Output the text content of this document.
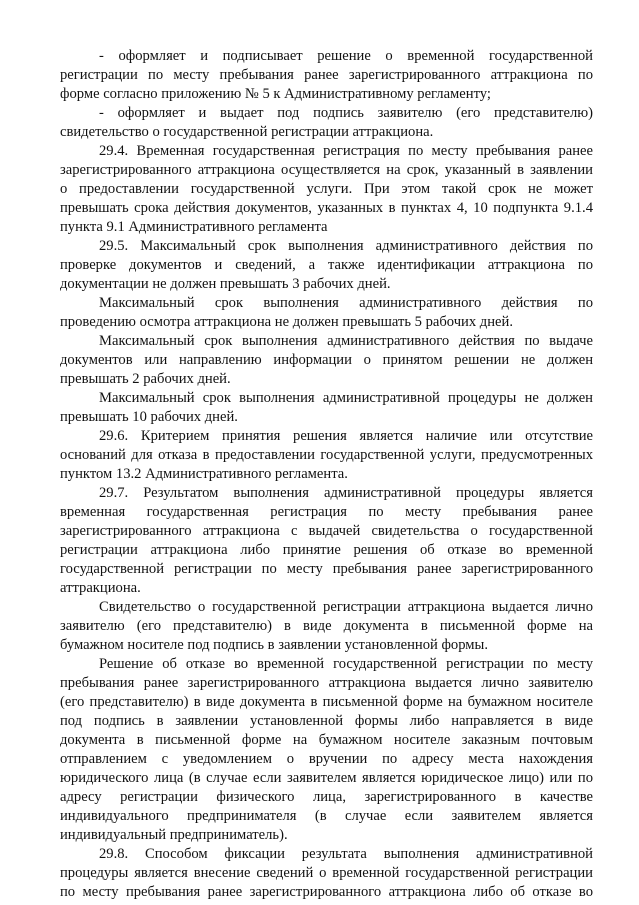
- оформляет и подписывает решение о временной государственной
регистрации по месту пребывания ранее зарегистрированного аттракциона по
форме согласно приложению № 5 к Административному регламенту;
- оформляет и выдает под подпись заявителю (его представителю)
свидетельство о государственной регистрации аттракциона.
29.4. Временная государственная регистрация по месту пребывания ранее
зарегистрированного аттракциона осуществляется на срок, указанный в заявлении
о предоставлении государственной услуги. При этом такой срок не может
превышать срока действия документов, указанных в пунктах 4, 10 подпункта 9.1.4
пункта 9.1 Административного регламента
29.5. Максимальный срок выполнения административного действия по
проверке документов и сведений, а также идентификации аттракциона по
документации не должен превышать 3 рабочих дней.
Максимальный срок выполнения административного действия по
проведению осмотра аттракциона не должен превышать 5 рабочих дней.
Максимальный срок выполнения административного действия по выдаче
документов или направлению информации о принятом решении не должен
превышать 2 рабочих дней.
Максимальный срок выполнения административной процедуры не должен
превышать 10 рабочих дней.
29.6. Критерием принятия решения является наличие или отсутствие
оснований для отказа в предоставлении государственной услуги, предусмотренных
пунктом 13.2 Административного регламента.
29.7. Результатом выполнения административной процедуры является
временная государственная регистрация по месту пребывания ранее
зарегистрированного аттракциона с выдачей свидетельства о государственной
регистрации аттракциона либо принятие решения об отказе во временной
государственной регистрации по месту пребывания ранее зарегистрированного
аттракциона.
Свидетельство о государственной регистрации аттракциона выдается лично
заявителю (его представителю) в виде документа в письменной форме на
бумажном носителе под подпись в заявлении установленной формы.
Решение об отказе во временной государственной регистрации по месту
пребывания ранее зарегистрированного аттракциона выдается лично заявителю
(его представителю) в виде документа в письменной форме на бумажном носителе
под подпись в заявлении установленной формы либо направляется в виде
документа в письменной форме на бумажном носителе заказным почтовым
отправлением с уведомлением о вручении по адресу места нахождения
юридического лица (в случае если заявителем является юридическое лицо) или по
адресу регистрации физического лица, зарегистрированного в качестве
индивидуального предпринимателя (в случае если заявителем является
индивидуальный предприниматель).
29.8. Способом фиксации результата выполнения административной
процедуры является внесение сведений о временной государственной регистрации
по месту пребывания ранее зарегистрированного аттракциона либо об отказе во
